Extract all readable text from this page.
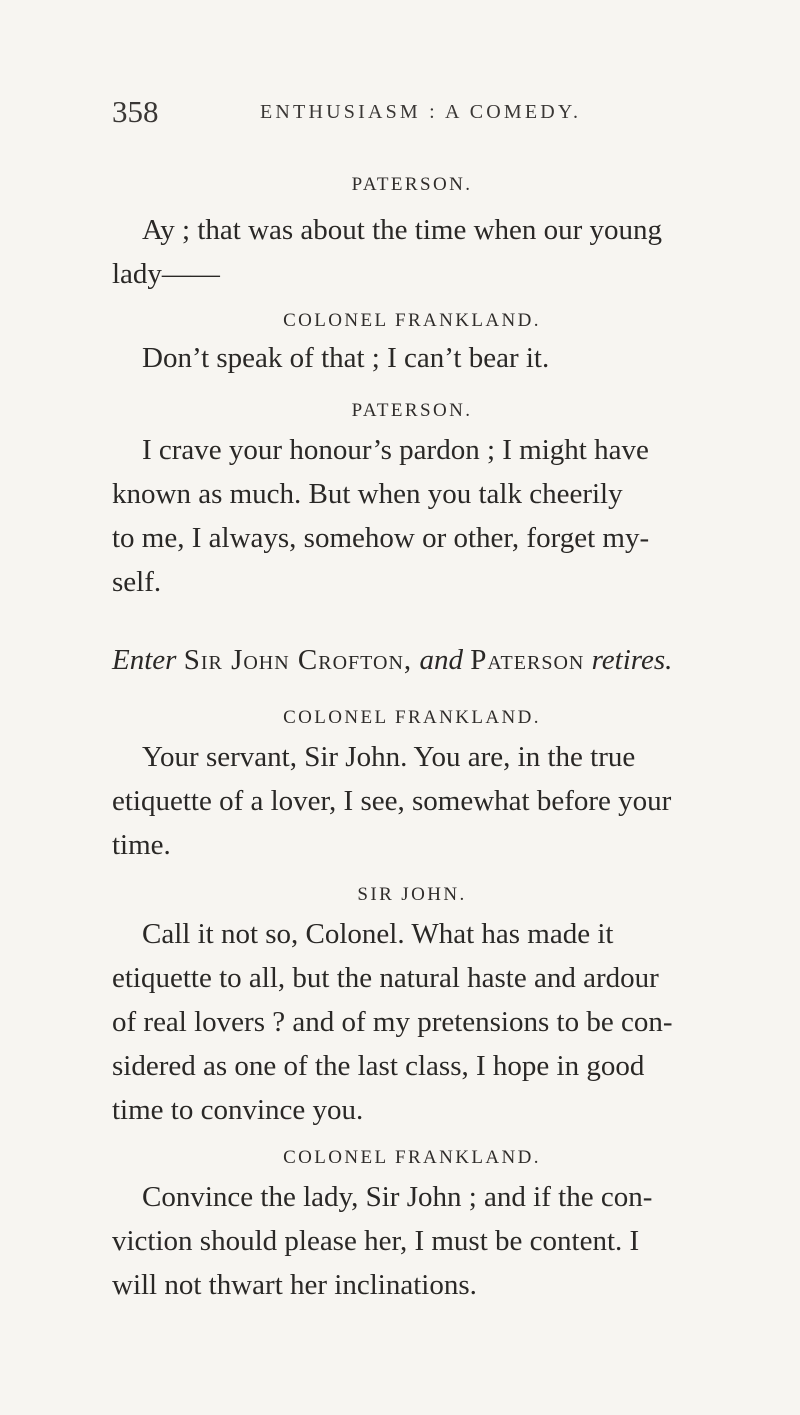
358	ENTHUSIASM : A COMEDY.
PATERSON.
Ay ; that was about the time when our young
lady——
COLONEL FRANKLAND.
Don’t speak of that ; I can’t bear it.
PATERSON.
I crave your honour’s pardon ; I might have
known as much. But when you talk cheerily
to me, I always, somehow or other, forget my-
self.
Enter Sir John Crofton, and Paterson retires.
COLONEL FRANKLAND.
Your servant, Sir John. You are, in the true
etiquette of a lover, I see, somewhat before your
time.
SIR JOHN.
Call it not so, Colonel. What has made it
etiquette to all, but the natural haste and ardour
of real lovers ? and of my pretensions to be con-
sidered as one of the last class, I hope in good
time to convince you.
COLONEL FRANKLAND.
Convince the lady, Sir John ; and if the con-
viction should please her, I must be content. I
will not thwart her inclinations.
